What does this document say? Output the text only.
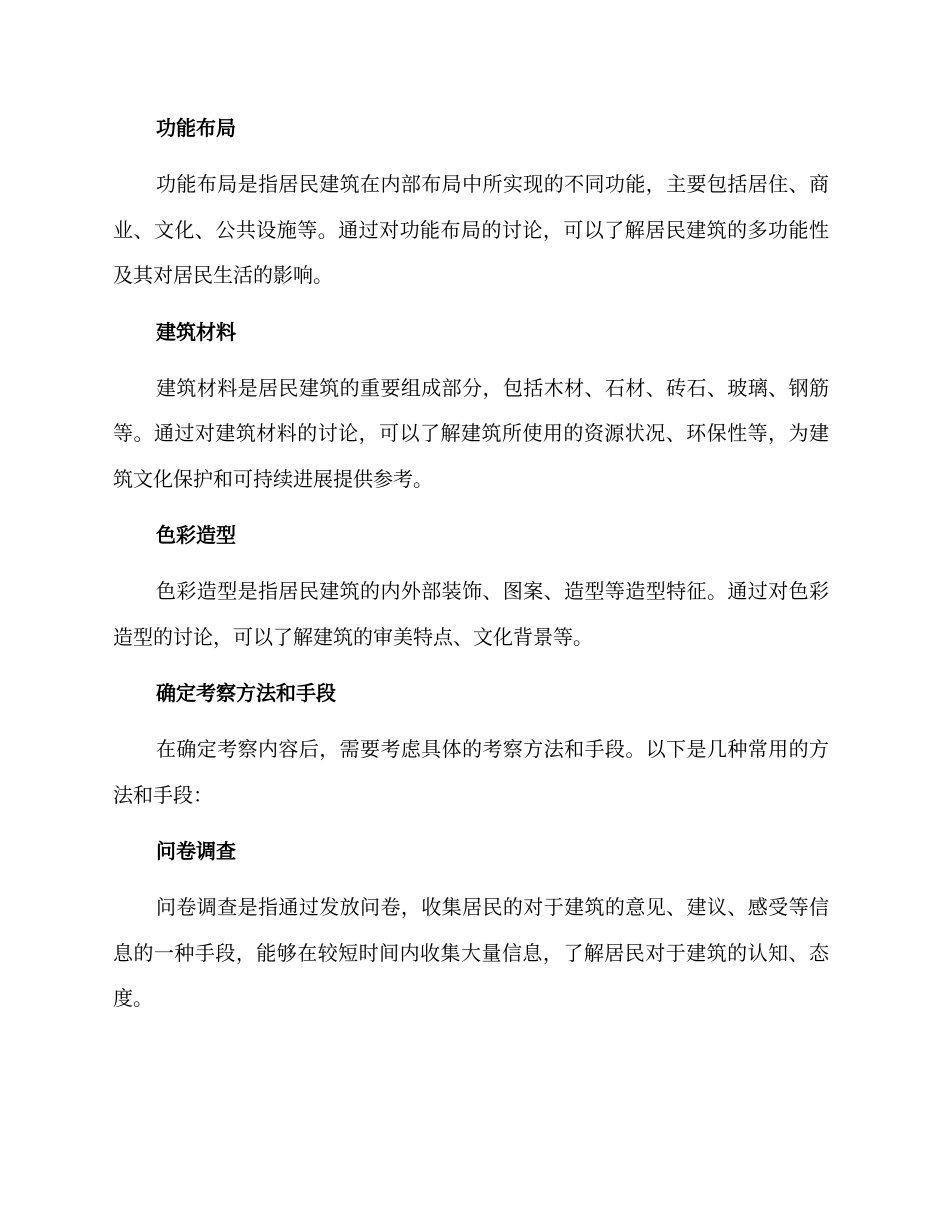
功能布局

功能布局是指居民建筑在内部布局中所实现的不同功能，主要包括居住、商业、文化、公共设施等。通过对功能布局的讨论，可以了解居民建筑的多功能性及其对居民生活的影响。

建筑材料

建筑材料是居民建筑的重要组成部分，包括木材、石材、砖石、玻璃、钢筋等。通过对建筑材料的讨论，可以了解建筑所使用的资源状况、环保性等，为建筑文化保护和可持续进展提供参考。

色彩造型

色彩造型是指居民建筑的内外部装饰、图案、造型等造型特征。通过对色彩造型的讨论，可以了解建筑的审美特点、文化背景等。

确定考察方法和手段

在确定考察内容后，需要考虑具体的考察方法和手段。以下是几种常用的方法和手段：

问卷调查

问卷调查是指通过发放问卷，收集居民的对于建筑的意见、建议、感受等信息的一种手段，能够在较短时间内收集大量信息，了解居民对于建筑的认知、态度。
